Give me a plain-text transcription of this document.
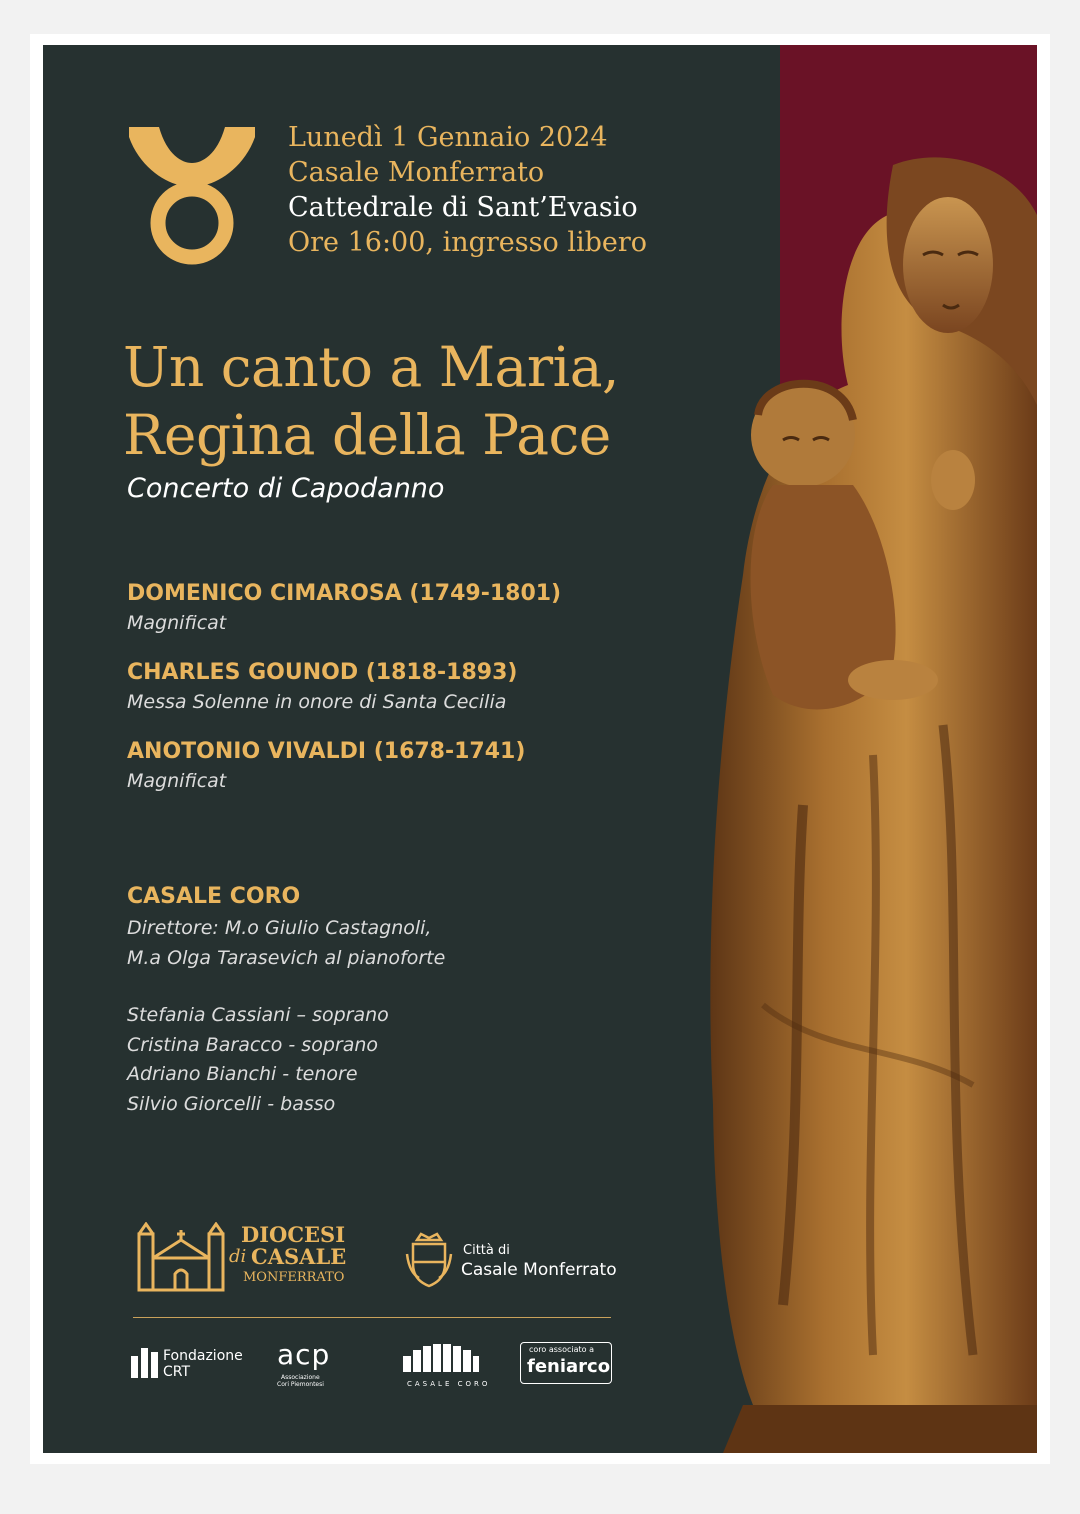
Lunedì 1 Gennaio 2024
Casale Monferrato
Cattedrale di Sant’Evasio
Ore 16:00, ingresso libero
Un canto a Maria,
Regina della Pace
Concerto di Capodanno
DOMENICO CIMAROSA (1749-1801)
Magnificat
CHARLES GOUNOD (1818-1893)
Messa Solenne in onore di Santa Cecilia
ANOTONIO VIVALDI (1678-1741)
Magnificat
CASALE CORO
Direttore: M.o Giulio Castagnoli,
M.a Olga Tarasevich al pianoforte
Stefania Cassiani – soprano
Cristina Baracco - soprano
Adriano Bianchi - tenore
Silvio Giorcelli - basso
DIOCESI
di CASALE
MONFERRATO
Città di
Casale Monferrato
Fondazione
CRT
acp
Associazione
Cori Piemontesi	CASALE CORO
coro associato a
feniarco
